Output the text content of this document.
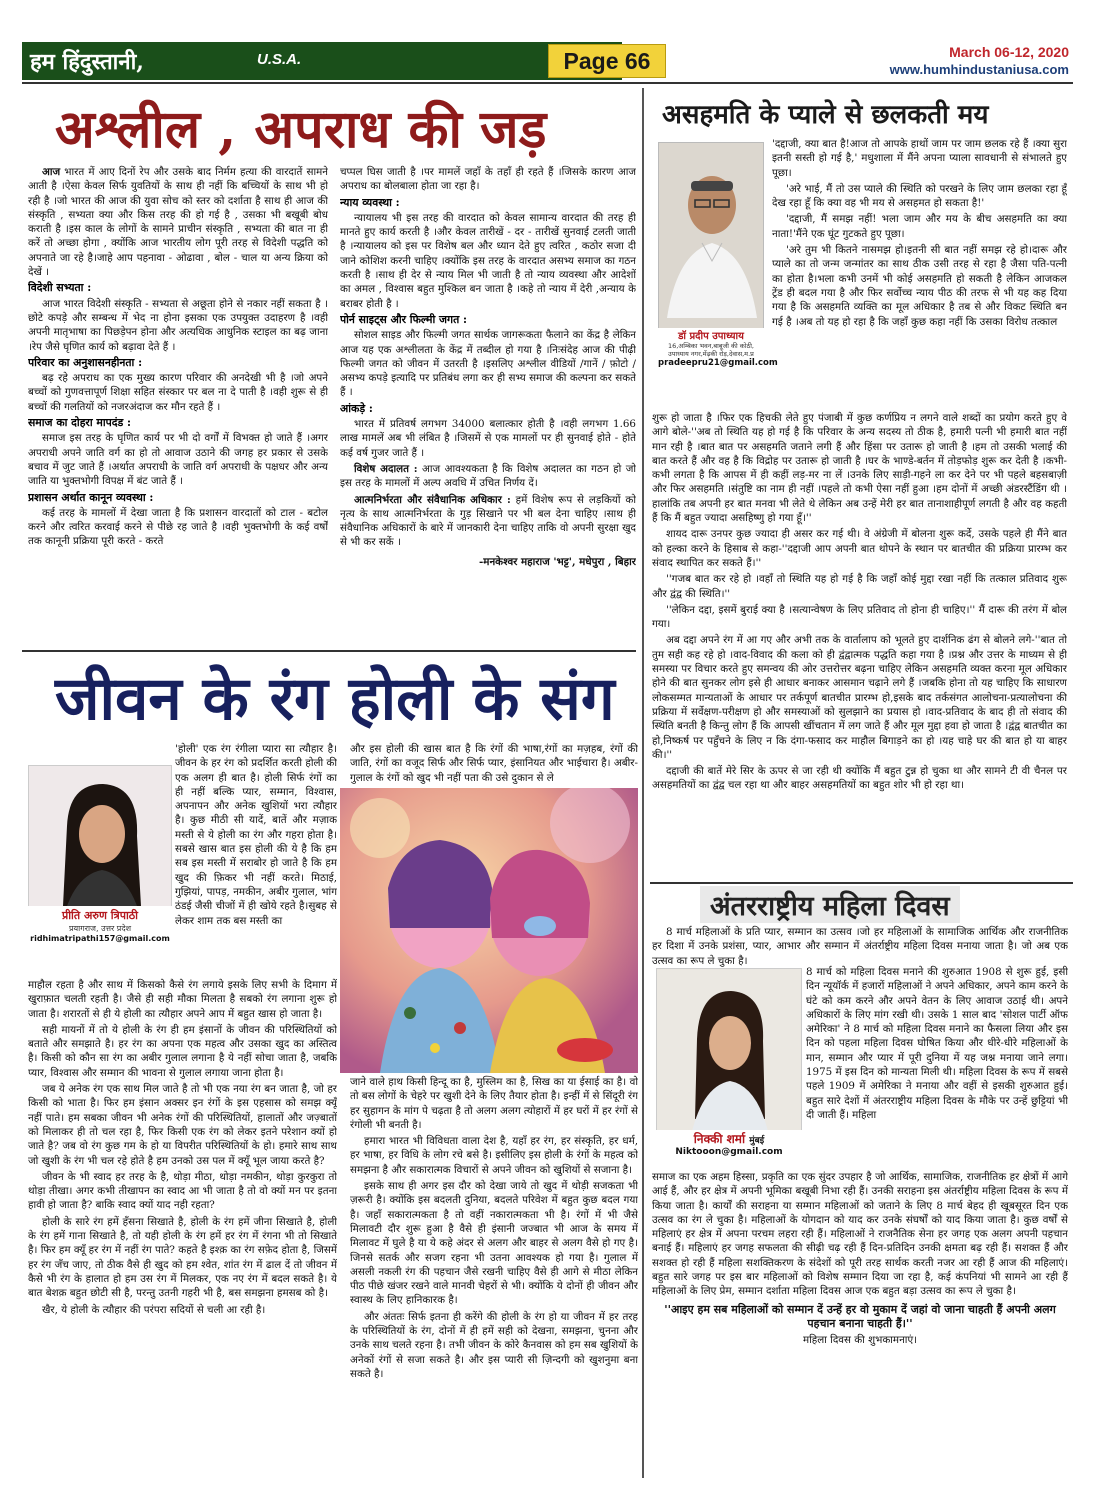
हम हिंदुस्तानी,	U.S.A.	Page 66	March 06-12, 2020
www.humhindustaniusa.com
अश्लील , अपराध की जड़

आज भारत में आए दिनों रेप और उसके बाद निर्मम हत्या की वारदातें सामने आती है ।ऐसा केवल सिर्फ युवतियों के साथ ही नहीं कि बच्चियों के साथ भी हो रही है ।जो भारत की आज की युवा सोच को स्तर को दर्शाता है साथ ही आज की संस्कृति , सभ्यता क्या और किस तरह की हो गई है , उसका भी बखूबी बोध कराती है ।इस काल के लोगों के सामने प्राचीन संस्कृति , सभ्यता की बात ना ही करें तो अच्छा होगा , क्योंकि आज भारतीय लोग पूरी तरह से विदेशी पद्धति को अपनाते जा रहे है।जाहे आप पहनावा - ओढावा , बोल - चाल या अन्य क्रिया को देखें ।

विदेशी सभ्यता :

आज भारत विदेशी संस्कृति - सभ्यता से अछूता होने से नकार नहीं सकता है ।छोटे कपड़े और सम्बन्ध में भेद ना होना इसका एक उपयुक्त उदाहरण है ।वही अपनी मातृभाषा का पिछड़ेपन होना और अत्यधिक आधुनिक स्टाइल का बढ़ जाना ।रेप जैसे घृणित कार्य को बढ़ावा देते हैं ।

परिवार का अनुशासनहीनता :

बढ़ रहे अपराध का एक मुख्य कारण परिवार की अनदेखी भी है ।जो अपने बच्चों को गुणवत्तापूर्ण शिक्षा सहित संस्कार पर बल ना दे पाती है ।वही शुरू से ही बच्चों की गलतियों को नजरअंदाज कर मौन रहते हैं ।

समाज का दोहरा मापदंड :

समाज इस तरह के घृणित कार्य पर भी दो वर्गों में विभक्त हो जाते हैं ।अगर अपराधी अपने जाति वर्ग का हो तो आवाज उठाने की जगह हर प्रकार से उसके बचाव में जुट जाते हैं ।अर्थात अपराधी के जाति वर्ग अपराधी के पक्षधर और अन्य जाति या भुक्तभोगी विपक्ष में बंट जाते हैं ।

प्रशासन अर्थात कानून व्यवस्था :

कई तरह के मामलों में देखा जाता है कि प्रशासन वारदातों को टाल - बटोल करने और त्वरित करवाई करने से पीछे रह जाते है ।वही भुक्तभोगी के कई वर्षों तक कानूनी प्रक्रिया पूरी करते - करते

चप्पल घिस जाती है ।पर मामलें जहाँ के तहाँ ही रहते हैं ।जिसके कारण आज अपराध का बोलबाला होता जा रहा है।

न्याय व्यवस्था :

न्यायालय भी इस तरह की वारदात को केवल सामान्य वारदात की तरह ही मानते हुए कार्य करती है ।और केवल तारीखें - दर - तारीखें सुनवाई टलती जाती है ।न्यायालय को इस पर विशेष बल और ध्यान देते हुए त्वरित , कठोर सजा दी जाने कोशिश करनी चाहिए ।क्योंकि इस तरह के वारदात असभ्य समाज का गठन करती है ।साथ ही देर से न्याय मिल भी जाती है तो न्याय व्यवस्था और आदेशों का अमल , विश्वास बहुत मुश्किल बन जाता है ।कहे तो न्याय में देरी ,अन्याय के बराबर होती है ।

पोर्न साइट्स और फिल्मी जगत :

सोशल साइड और फिल्मी जगत सार्थक जागरूकता फैलाने का केंद्र है लेकिन आज यह एक अश्लीलता के केंद्र में तब्दील हो गया है ।निःसंदेह आज की पीढ़ी फिल्मी जगत को जीवन में उतरती है ।इसलिए अश्लील वीडियों /गानें / फ़ोटो / असभ्य कपड़े इत्यादि पर प्रतिबंध लगा कर ही सभ्य समाज की कल्पना कर सकते हैं ।

आंकड़े :

भारत में प्रतिवर्ष लगभग 34000 बलात्कार होती है ।वही लगभग 1.66 लाख मामलें अब भी लंबित है ।जिसमें से एक मामलों पर ही सुनवाई होते - होते कई वर्ष गुजर जाते हैं ।

विशेष अदालत : आज आवश्यकता है कि विशेष अदालत का गठन हो जो इस तरह के मामलों में अल्प अवधि में उचित निर्णय दें।

आत्मनिर्भरता और संवैधानिक अधिकार : हमें विशेष रूप से लड़कियों को नृत्य के साथ आत्मनिर्भरता के गुड़ सिखाने पर भी बल देना चाहिए ।साथ ही संवैधानिक अधिकारों के बारे में जानकारी देना चाहिए ताकि वो अपनी सुरक्षा खुद से भी कर सकें ।

-मनकेश्वर महाराज 'भट्ट', मधेपुरा , बिहार

असहमति के प्याले से छलकती मय
डॉ प्रदीप उपाध्याय
16,अम्बिका भवन,बाबूजी की कोठी, उपाध्याय नगर,मेंढ़की रोड़,देवास,म.प्र
pradeepru21@gmail.com

'दद्दाजी, क्या बात है!आज तो आपके हाथों जाम पर जाम छलक रहे हैं ।क्या सुरा इतनी सस्ती हो गई है,' मधुशाला में मैंने अपना प्याला सावधानी से संभालते हुए पूछा।

'अरे भाई, मैं तो उस प्याले की स्थिति को परखने के लिए जाम छलका रहा हूँ देख रहा हूँ कि क्या वह भी मय से असहमत हो सकता है!'

'दद्दाजी, मैं समझ नहीं! भला जाम और मय के बीच असहमति का क्या नाता!'मैंने एक घूंट गुटकते हुए पूछा।

'अरे तुम भी कितने नासमझ हो।इतनी सी बात नहीं समझ रहे हो।दारू और प्याले का तो जन्म जन्मांतर का साथ ठीक उसी तरह से रहा है जैसा पति-पत्नी का होता है।भला कभी उनमें भी कोई असहमति हो सकती है लेकिन आजकल ट्रेंड ही बदल गया है और फिर सर्वोच्च न्याय पीठ की तरफ से भी यह कह दिया गया है कि असहमति व्यक्ति का मूल अधिकार है तब से और विकट स्थिति बन गई है ।अब तो यह हो रहा है कि जहाँ कुछ कहा नहीं कि उसका विरोध तत्काल

शुरू हो जाता है ।फिर एक हिचकी लेते हुए पंजाबी में कुछ कर्णप्रिय न लगने वाले शब्दों का प्रयोग करते हुए वे आगे बोले-''अब तो स्थिति यह हो गई है कि परिवार के अन्य सदस्य तो ठीक है, हमारी पत्नी भी हमारी बात नहीं मान रही है ।बात बात पर असहमति जताने लगी हैं और हिंसा पर उतारू हो जाती है ।हम तो उसकी भलाई की बात करते हैं और वह है कि विद्रोह पर उतारू हो जाती है ।घर के भाण्डे-बर्तन में तोड़फोड़ शुरू कर देती है ।कभी-कभी लगता है कि आपस में ही कहीं लड़-मर ना लें ।उनके लिए साड़ी-गहने ला कर देने पर भी पहले बहसबाज़ी और फिर असहमति ।संतुष्टि का नाम ही नहीं ।पहले तो कभी ऐसा नहीं हुआ ।हम दोनों में अच्छी अंडरस्टैंडिंग थी ।हालांकि तब अपनी हर बात मनवा भी लेते थे लेकिन अब उन्हें मेरी हर बात तानाशाहीपूर्ण लगती है और वह कहती हैं कि मैं बहुत ज्यादा असहिष्णु हो गया हूँ।''

शायद दारू उनपर कुछ ज्यादा ही असर कर गई थी। वे अंग्रेजी में बोलना शुरू कर्दे, उसके पहले ही मैंने बात को हल्का करने के हिसाब से कहा-''दद्दाजी आप अपनी बात थोपने के स्थान पर बातचीत की प्रक्रिया प्रारम्भ कर संवाद स्थापित कर सकते हैं।''

''गजब बात कर रहे हो ।वहाँ तो स्थिति यह हो गई है कि जहाँ कोई मुद्दा रखा नहीं कि तत्काल प्रतिवाद शुरू और द्वंद्व की स्थिति।''

''लेकिन दद्दा, इसमें बुराई क्या है ।सत्यान्वेषण के लिए प्रतिवाद तो होना ही चाहिए।'' मैं दारू की तरंग में बोल गया।

अब दद्दा अपने रंग में आ गए और अभी तक के वार्तालाप को भूलते हुए दार्शनिक ढंग से बोलने लगे-''बात तो तुम सही कह रहे हो ।वाद-विवाद की कला को ही द्वंद्वात्मक पद्धति कहा गया है ।प्रश्न और उत्तर के माध्यम से ही समस्या पर विचार करते हुए समन्वय की ओर उत्तरोत्तर बढ़ना चाहिए लेकिन असहमति व्यक्त करना मूल अधिकार होने की बात सुनकर लोग इसे ही आधार बनाकर आसमान चढ़ाने लगे हैं ।जबकि होना तो यह चाहिए कि साधारण लोकसम्मत मान्यताओं के आधार पर तर्कपूर्ण बातचीत प्रारम्भ हो,इसके बाद तर्कसंगत आलोचना-प्रत्यालोचना की प्रक्रिया में सर्वेक्षण-परीक्षण हो और समस्याओं को सुलझाने का प्रयास हो ।वाद-प्रतिवाद के बाद ही तो संवाद की स्थिति बनती है किन्तु लोग हैं कि आपसी खींचतान में लग जाते हैं और मूल मुद्दा हवा हो जाता है ।द्वंद्व बातचीत का हो,निष्कर्ष पर पहुँचने के लिए न कि दंगा-फसाद कर माहौल बिगाड़ने का हो ।यह चाहे घर की बात हो या बाहर की।''

दद्दाजी की बातें मेरे सिर के ऊपर से जा रही थी क्योंकि मैं बहुत टुन्न हो चुका था और सामने टी वी चैनल पर असहमतियों का द्वंद्व चल रहा था और बाहर असहमतियों का बहुत शोर भी हो रहा था।

जीवन के रंग होली के संग
प्रीति अरुण त्रिपाठी
प्रयागराज, उत्तर प्रदेश
ridhimatripathi157@gmail.com

'होली' एक रंग रंगीला प्यारा सा त्यौहार है। जीवन के हर रंग को प्रदर्शित करती होली की एक अलग ही बात है। होली सिर्फ रंगों का ही नहीं बल्कि प्यार, सम्मान, विश्वास, अपनापन और अनेक खुशियों भरा त्यौहार है। कुछ मीठी सी यादें, बातें और मज़ाक मस्ती से ये होली का रंग और गहरा होता है। सबसे खास बात इस होली की ये है कि हम सब इस मस्ती में सराबोर हो जाते है कि हम खुद की फ़िकर भी नहीं करते। मिठाई, गुझियां, पापड़, नमकीन, अबीर गुलाल, भांग ठंडई जैसी चीजों में ही खोये रहते है।सुबह से लेकर शाम तक बस मस्ती का

और इस होली की खास बात है कि रंगों की भाषा,रंगों का मज़हब, रंगों की जाति, रंगों का वजूद सिर्फ और सिर्फ प्यार, इंसानियत और भाईचारा है। अबीर-गुलाल के रंगों को खुद भी नहीं पता की उसे दुकान से ले

माहौल रहता है और साथ में किसको कैसे रंग लगाये इसके लिए सभी के दिमाग में खुराफ़ात चलती रहती है। जैसे ही सही मौका मिलता है सबको रंग लगाना शुरू हो जाता है। शरारतों से ही ये होली का त्यौहार अपने आप में बहुत खास हो जाता है।

सही मायनों में तो ये होली के रंग ही हम इंसानों के जीवन की परिस्थितियों को बताते और समझाते है। हर रंग का अपना एक महत्व और उसका खुद का अस्तित्व है। किसी को कौन सा रंग का अबीर गुलाल लगाना है ये नहीं सोचा जाता है, जबकि प्यार, विश्वास और सम्मान की भावना से गुलाल लगाया जाना होता है।

जब ये अनेक रंग एक साथ मिल जाते है तो भी एक नया रंग बन जाता है, जो हर किसी को भाता है। फिर हम इंसान अक्सर इन रंगों के इस एहसास को समझ क्यूँ नहीं पाते। हम सबका जीवन भी अनेक रंगों की परिस्थितियों, हालातों और जज़्बातों को मिलाकर ही तो चल रहा है, फिर किसी एक रंग को लेकर इतने परेशान क्यों हो जाते है? जब वो रंग कुछ गम के हो या विपरीत परिस्थितियों के हो। हमारे साथ साथ जो खुशी के रंग भी चल रहे होते है हम उनको उस पल में क्यूँ भूल जाया करते है?

जीवन के भी स्वाद हर तरह के है, थोड़ा मीठा, थोड़ा नमकीन, थोड़ा कुरकुरा तो थोड़ा तीखा। अगर कभी तीखापन का स्वाद आ भी जाता है तो वो क्यों मन पर इतना हावी हो जाता है? बाकि स्वाद क्यों याद नही रहता?

होली के सारे रंग हमें हँसना सिखाते है, होली के रंग हमें जीना सिखाते है, होली के रंग हमें गाना सिखाते है, तो यही होली के रंग हमें हर रंग में रंगना भी तो सिखाते है। फिर हम क्यूँ हर रंग में नहीं रंग पाते? कहते है इश्क़ का रंग सफ़ेद होता है, जिसमें हर रंग जँच जाए, तो ठीक वैसे ही खुद को हम श्वेत, शांत रंग में ढाल दें तो जीवन में कैसे भी रंग के हालात हो हम उस रंग में मिलकर, एक नए रंग में बदल सकते है। ये बात बेशक़ बहुत छोटी सी है, परन्तु उतनी गहरी भी है, बस समझना हमसब को है।

खैर, ये होली के त्यौहार की परंपरा सदियों से चली आ रही है।

जाने वाले हाथ किसी हिन्दू का है, मुस्लिम का है, सिख का या ईसाई का है। वो तो बस लोगों के चेहरे पर खुशी देने के लिए तैयार होता है। इन्हीं में से सिंदूरी रंग हर सुहागन के मांग पे चढ़ता है तो अलग अलग त्योहारों में हर घरों में हर रंगों से रंगोली भी बनती है।

हमारा भारत भी विविधता वाला देश है, यहाँ हर रंग, हर संस्कृति, हर धर्म, हर भाषा, हर विधि के लोग रचे बसे है। इसीलिए इस होली के रंगों के महत्व को समझना है और सकारात्मक विचारों से अपने जीवन को खुशियों से सजाना है।

इसके साथ ही अगर इस दौर को देखा जाये तो खुद में थोड़ी सजकता भी ज़रूरी है। क्योंकि इस बदलती दुनिया, बदलते परिवेश में बहुत कुछ बदल गया है। जहाँ सकारात्मकता है तो वहीं नकारात्मकता भी है। रंगों में भी जैसे मिलावटी दौर शुरू हुआ है वैसे ही इंसानी जज्बात भी आज के समय में मिलावट में घुले है या ये कहे अंदर से अलग और बाहर से अलग वैसे हो गए है। जिनसे सतर्क और सजग रहना भी उतना आवश्यक हो गया है। गुलाल में असली नकली रंग की पहचान जैसे रखनी चाहिए वैसे ही आगे से मीठा लेकिन पीठ पीछे खंजर रखने वाले मानवी चेहरों से भी। क्योंकि ये दोनों ही जीवन और स्वास्थ के लिए हानिकारक है।

और अंततः सिर्फ इतना ही करेंगे की होली के रंग हो या जीवन में हर तरह के परिस्थितियों के रंग, दोनों में ही हमें सही को देखना, समझना, चुनना और उनके साथ चलते रहना है। तभी जीवन के कोरे कैनवास को हम सब खुशियों के अनेकों रंगों से सजा सकते है। और इस प्यारी सी ज़िन्दगी को खुशनुमा बना सकते है।

अंतरराष्ट्रीय महिला दिवस

8 मार्च महिलाओं के प्रति प्यार, सम्मान का उत्सव ।जो हर महिलाओं के सामाजिक आर्थिक और राजनीतिक हर दिशा में उनके प्रशंसा, प्यार, आभार और सम्मान में अंतर्राष्ट्रीय महिला दिवस मनाया जाता है। जो अब एक उत्सव का रूप ले चुका है।

निक्की शर्मा मुंबई
Niktooon@gmail.com

8 मार्च को महिला दिवस मनाने की शुरुआत 1908 से शुरू हुई, इसी दिन न्यूयॉर्क में हजारों महिलाओं ने अपने अधिकार, अपने काम करने के घंटे को कम करने और अपने वेतन के लिए आवाज उठाई थी। अपने अधिकारों के लिए मांग रखी थी। उसके 1 साल बाद 'सोशल पार्टी ऑफ अमेरिका' ने 8 मार्च को महिला दिवस मनाने का फैसला लिया और इस दिन को पहला महिला दिवस घोषित किया और धीरे-धीरे महिलाओं के मान, सम्मान और प्यार में पूरी दुनिया में यह जश्न मनाया जाने लगा। 1975 में इस दिन को मान्यता मिली थी। महिला दिवस के रूप में सबसे पहले 1909 में अमेरिका ने मनाया और वहीं से इसकी शुरुआत हुई। बहुत सारे देशों में अंतरराष्ट्रीय महिला दिवस के मौके पर उन्हें छुट्टियां भी दी जाती हैं। महिला

समाज का एक अहम हिस्सा, प्रकृति का एक सुंदर उपहार है जो आर्थिक, सामाजिक, राजनीतिक हर क्षेत्रों में आगे आई हैं, और हर क्षेत्र में अपनी भूमिका बखूबी निभा रही हैं। उनकी सराहना इस अंतर्राष्ट्रीय महिला दिवस के रूप में किया जाता है। कार्यों की सराहना या सम्मान महिलाओं को जताने के लिए 8 मार्च बेहद ही खूबसूरत दिन एक उत्सव का रंग ले चुका है। महिलाओं के योगदान को याद कर उनके संघर्षों को याद किया जाता है। कुछ वर्षों से महिलाएं हर क्षेत्र में अपना परचम लहरा रही हैं। महिलाओं ने राजनैतिक सेना हर जगह एक अलग अपनी पहचान बनाई हैं। महिलाएं हर जगह सफलता की सीढ़ी चढ़ रही हैं दिन-प्रतिदिन उनकी क्षमता बढ़ रही हैं। सशक्त हैं और सशक्त हो रही हैं महिला सशक्तिकरण के संदेशों को पूरी तरह सार्थक करती नजर आ रही हैं आज की महिलाएं। बहुत सारे जगह पर इस बार महिलाओं को विशेष सम्मान दिया जा रहा है, कई कंपनियां भी सामने आ रही हैं महिलाओं के लिए प्रेम, सम्मान दर्शाता महिला दिवस आज एक बहुत बड़ा उत्सव का रूप ले चुका है।

''आइए हम सब महिलाओं को सम्मान दें उन्हें हर वो मुकाम दें जहां वो जाना चाहती हैं अपनी अलग पहचान बनाना चाहती हैं।''

महिला दिवस की शुभकामनाएं।
